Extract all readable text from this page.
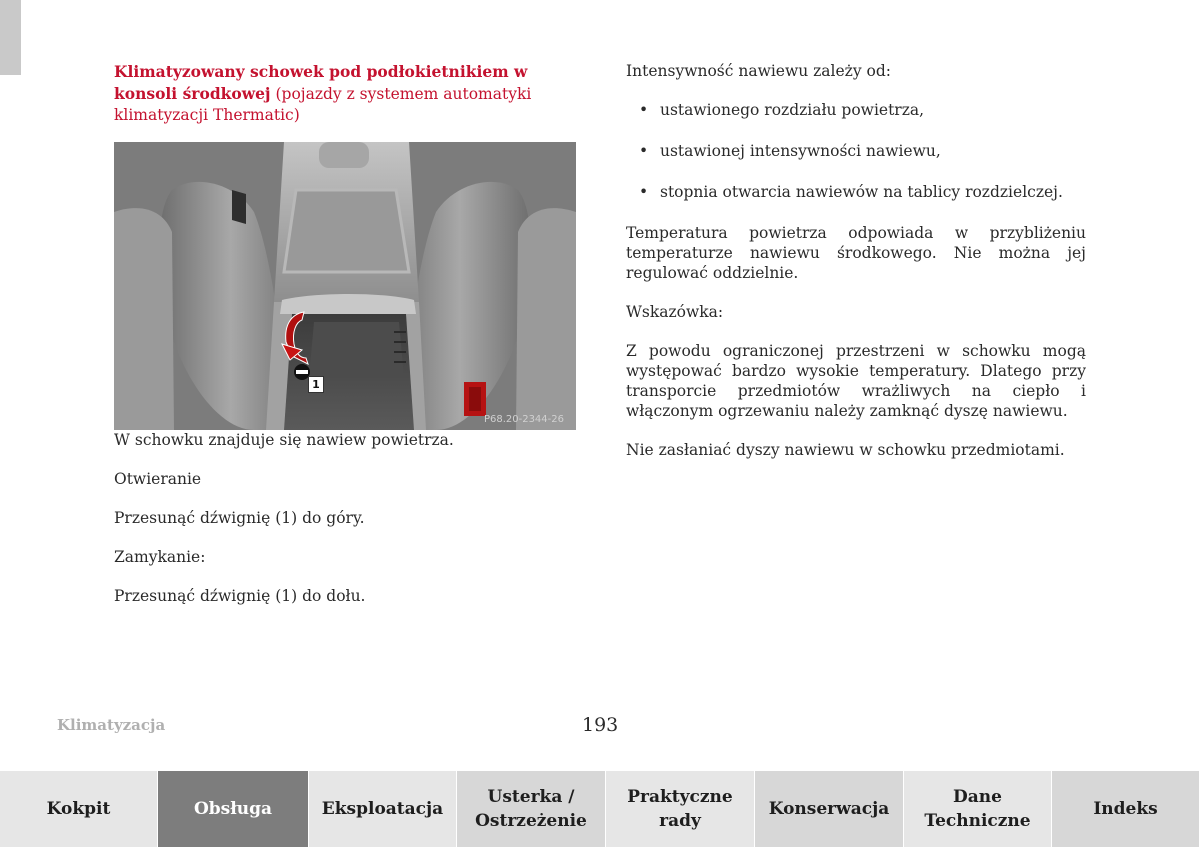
Klimatyzowany schowek pod podłokietnikiem w konsoli środkowej (pojazdy z systemem automatyki klimatyzacji Thermatic)

1
P68.20-2344-26

W schowku znajduje się nawiew powietrza.

Otwieranie

Przesunąć dźwignię (1) do góry.

Zamykanie:

Przesunąć dźwignię (1) do dołu.

Intensywność nawiewu zależy od:

• ustawionego rozdziału powietrza,
• ustawionej intensywności nawiewu,
• stopnia otwarcia nawiewów na tablicy rozdzielczej.

Temperatura powietrza odpowiada w przybliżeniu temperaturze nawiewu środkowego. Nie można jej regulować oddzielnie.

Wskazówka:

Z powodu ograniczonej przestrzeni w schowku mogą występować bardzo wysokie temperatury. Dlatego przy transporcie przedmiotów wrażliwych na ciepło i włączonym ogrzewaniu należy zamknąć dyszę nawiewu.

Nie zasłaniać dyszy nawiewu w schowku przedmiotami.

Klimatyzacja	193
Kokpit	Obsługa	Eksploatacja
Usterka /
Ostrzeżenie
Praktyczne
rady
Konserwacja
Dane
Techniczne
Indeks
